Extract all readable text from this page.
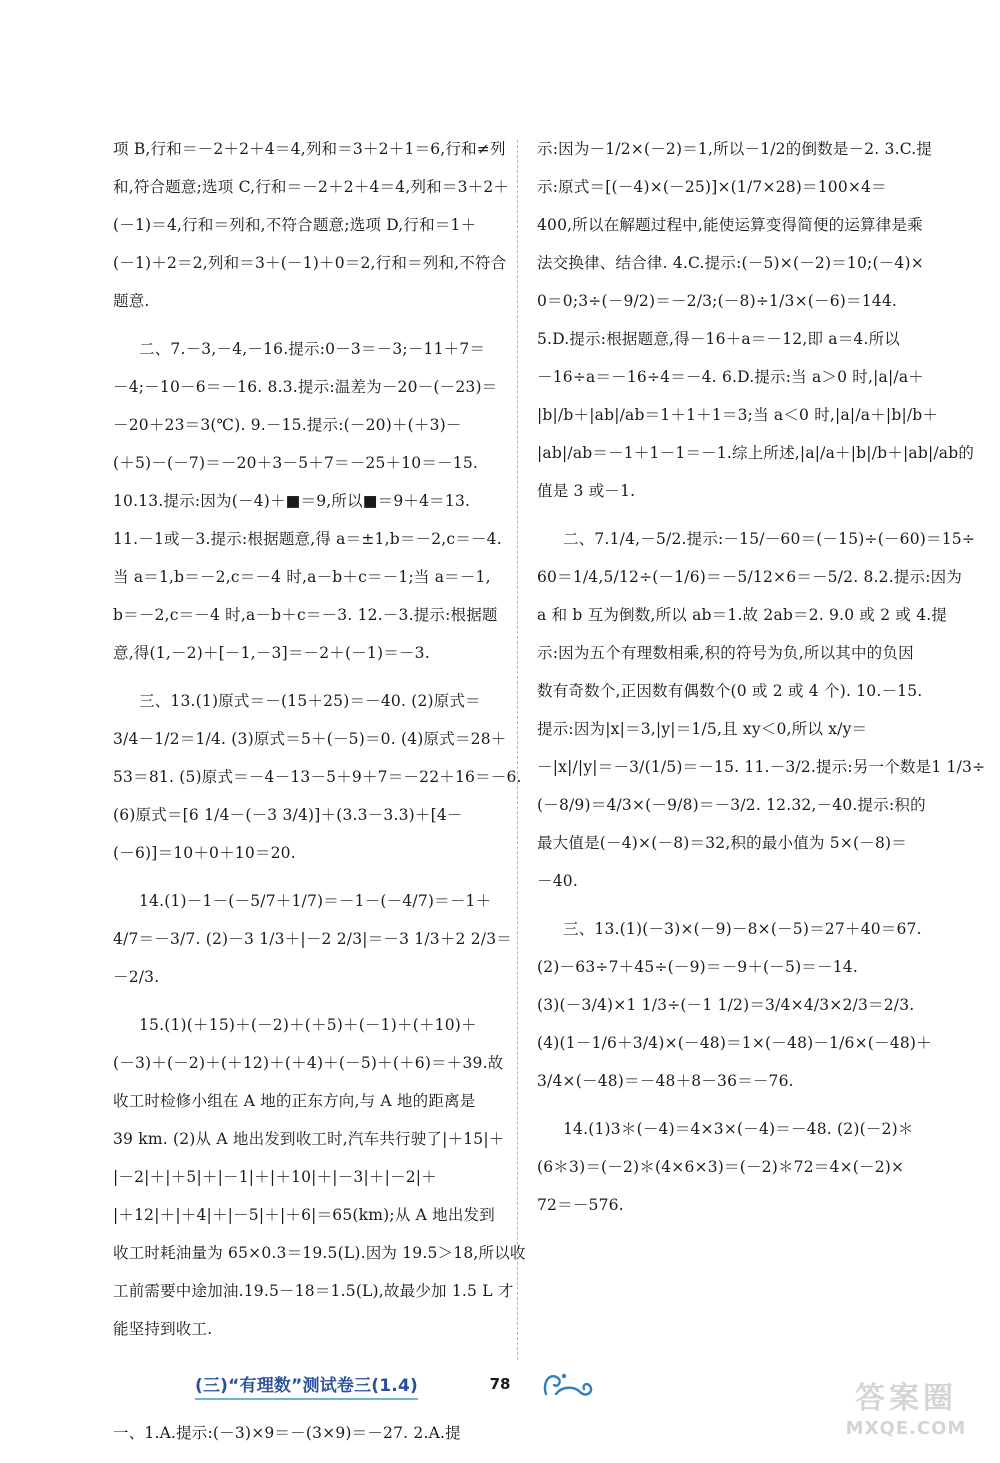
项 B,行和＝－2＋2＋4＝4,列和＝3＋2＋1＝6,行和≠列
和,符合题意;选项 C,行和＝－2＋2＋4＝4,列和＝3＋2＋
(－1)＝4,行和＝列和,不符合题意;选项 D,行和＝1＋
(－1)＋2＝2,列和＝3＋(－1)＋0＝2,行和＝列和,不符合
题意.
二、7.－3,－4,－16.提示:0－3＝－3;－11＋7＝
－4;－10－6＝－16. 8.3.提示:温差为－20－(－23)＝
－20＋23＝3(℃). 9.－15.提示:(－20)＋(＋3)－
(＋5)－(－7)＝－20＋3－5＋7＝－25＋10＝－15.
10.13.提示:因为(－4)＋■＝9,所以■＝9＋4＝13.
11.－1或－3.提示:根据题意,得 a＝±1,b＝－2,c＝－4.
当 a＝1,b＝－2,c＝－4 时,a－b＋c＝－1;当 a＝－1,
b＝－2,c＝－4 时,a－b＋c＝－3. 12.－3.提示:根据题
意,得(1,－2)＋[－1,－3]＝－2＋(－1)＝－3.
三、13.(1)原式＝－(15＋25)＝－40. (2)原式＝
3/4－1/2＝1/4. (3)原式＝5＋(－5)＝0. (4)原式＝28＋
53＝81. (5)原式＝－4－13－5＋9＋7＝－22＋16＝－6.
(6)原式＝[6 1/4－(－3 3/4)]＋(3.3－3.3)＋[4－
(－6)]＝10＋0＋10＝20.
14.(1)－1－(－5/7＋1/7)＝－1－(－4/7)＝－1＋
4/7＝－3/7. (2)－3 1/3＋|－2 2/3|＝－3 1/3＋2 2/3＝
－2/3.
15.(1)(＋15)＋(－2)＋(＋5)＋(－1)＋(＋10)＋
(－3)＋(－2)＋(＋12)＋(＋4)＋(－5)＋(＋6)＝＋39.故
收工时检修小组在 A 地的正东方向,与 A 地的距离是
39 km. (2)从 A 地出发到收工时,汽车共行驶了|＋15|＋
|－2|＋|＋5|＋|－1|＋|＋10|＋|－3|＋|－2|＋
|＋12|＋|＋4|＋|－5|＋|＋6|＝65(km);从 A 地出发到
收工时耗油量为 65×0.3＝19.5(L).因为 19.5＞18,所以收
工前需要中途加油.19.5－18＝1.5(L),故最少加 1.5 L 才
能坚持到收工.
(三)“有理数”测试卷三(1.4)
一、1.A.提示:(－3)×9＝－(3×9)＝－27. 2.A.提
示:因为－1/2×(－2)＝1,所以－1/2的倒数是－2. 3.C.提
示:原式＝[(－4)×(－25)]×(1/7×28)＝100×4＝
400,所以在解题过程中,能使运算变得简便的运算律是乘
法交换律、结合律. 4.C.提示:(－5)×(－2)＝10;(－4)×
0＝0;3÷(－9/2)＝－2/3;(－8)÷1/3×(－6)＝144.
5.D.提示:根据题意,得－16＋a＝－12,即 a＝4.所以
－16÷a＝－16÷4＝－4. 6.D.提示:当 a＞0 时,|a|/a＋
|b|/b＋|ab|/ab＝1＋1＋1＝3;当 a＜0 时,|a|/a＋|b|/b＋
|ab|/ab＝－1＋1－1＝－1.综上所述,|a|/a＋|b|/b＋|ab|/ab的
值是 3 或－1.
二、7.1/4,－5/2.提示:－15/－60＝(－15)÷(－60)＝15÷
60＝1/4,5/12÷(－1/6)＝－5/12×6＝－5/2. 8.2.提示:因为
a 和 b 互为倒数,所以 ab＝1.故 2ab＝2. 9.0 或 2 或 4.提
示:因为五个有理数相乘,积的符号为负,所以其中的负因
数有奇数个,正因数有偶数个(0 或 2 或 4 个). 10.－15.
提示:因为|x|＝3,|y|＝1/5,且 xy＜0,所以 x/y＝
－|x|/|y|＝－3/(1/5)＝－15. 11.－3/2.提示:另一个数是1 1/3÷
(－8/9)＝4/3×(－9/8)＝－3/2. 12.32,－40.提示:积的
最大值是(－4)×(－8)＝32,积的最小值为 5×(－8)＝
－40.
三、13.(1)(－3)×(－9)－8×(－5)＝27＋40＝67.
(2)－63÷7＋45÷(－9)＝－9＋(－5)＝－14.
(3)(－3/4)×1 1/3÷(－1 1/2)＝3/4×4/3×2/3＝2/3.
(4)(1－1/6＋3/4)×(－48)＝1×(－48)－1/6×(－48)＋
3/4×(－48)＝－48＋8－36＝－76.
14.(1)3＊(－4)＝4×3×(－4)＝－48. (2)(－2)＊
(6＊3)＝(－2)＊(4×6×3)＝(－2)＊72＝4×(－2)×
72＝－576.
78	答案圈
MXQE.COM
